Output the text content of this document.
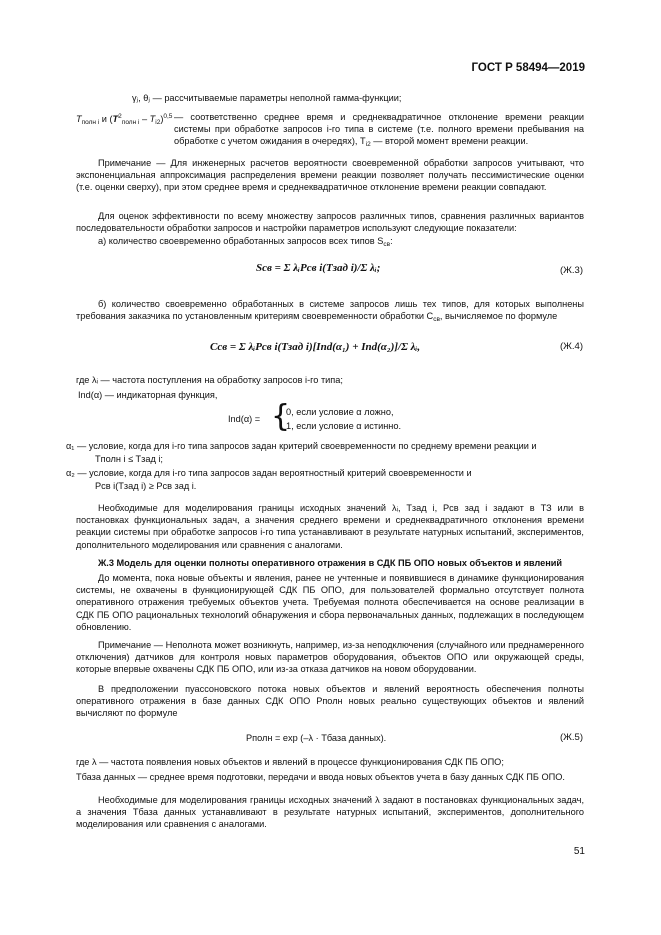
ГОСТ Р 58494—2019
γⱼ, θⱼ — рассчитываемые параметры неполной гамма-функции;
$T_{полн i}$ и $(T^2_{полн i} - T_{i2})^{0,5}$ — соответственно среднее время и среднеквадратичное отклонение времени реакции системы при обработке запросов i-го типа в системе (т.е. полного времени пребывания на обработке с учетом ожидания в очередях), $T_{i2}$ — второй момент времени реакции.
Примечание — Для инженерных расчетов вероятности своевременной обработки запросов учитывают, что экспоненциальная аппроксимация распределения времени реакции позволяет получать пессимистические оценки (т.е. оценки сверху), при этом среднее время и среднеквадратичное отклонение времени реакции совпадают.
Для оценок эффективности по всему множеству запросов различных типов, сравнения различных вариантов последовательности обработки запросов и настройки параметров используют следующие показатели:
а) количество своевременно обработанных запросов всех типов $S_{св}$:
Sсв = Σ λᵢPсв i(Tзад i)/Σ λᵢ;	(Ж.3)
б) количество своевременно обработанных в системе запросов лишь тех типов, для которых выполнены требования заказчика по установленным критериям своевременности обработки $C_{св}$, вычисляемое по формуле
Cсв = Σ λᵢPсв i(Tзад i)[Ind(α₁) + Ind(α₂)]/Σ λᵢ,	(Ж.4)
где λᵢ — частота поступления на обработку запросов i-го типа;
Ind(α) — индикаторная функция,
Ind(α) = {
0, если условие α ложно,
1, если условие α истинно.
α₁ — условие, когда для i-го типа запросов задан критерий своевременности по среднему времени реакции и
Tполн i ≤ Tзад i;
α₂ — условие, когда для i-го типа запросов задан вероятностный критерий своевременности и
Pсв i(Tзад i) ≥ Pсв зад i.
Необходимые для моделирования границы исходных значений λᵢ, Tзад i, Pсв зад i задают в ТЗ или в постановках функциональных задач, а значения среднего времени и среднеквадратичного отклонения времени реакции системы при обработке запросов i-го типа устанавливают в результате натурных испытаний, экспериментов, дополнительного моделирования или сравнения с аналогами.
Ж.3 Модель для оценки полноты оперативного отражения в СДК ПБ ОПО новых объектов и явлений
До момента, пока новые объекты и явления, ранее не учтенные и появившиеся в динамике функционирования системы, не охвачены в функционирующей СДК ПБ ОПО, для пользователей формально отсутствует полнота оперативного отражения требуемых объектов учета. Требуемая полнота обеспечивается на основе реализации в СДК ПБ ОПО рациональных технологий обнаружения и сбора первоначальных данных, подлежащих в последующем обновлению.
Примечание — Неполнота может возникнуть, например, из-за неподключения (случайного или преднамеренного отключения) датчиков для контроля новых параметров оборудования, объектов ОПО или окружающей среды, которые впервые охвачены СДК ПБ ОПО, или из-за отказа датчиков на новом оборудовании.
В предположении пуассоновского потока новых объектов и явлений вероятность обеспечения полноты оперативного отражения в базе данных СДК ОПО Pполн новых реально существующих объектов и явлений вычисляют по формуле
Pполн = exp (–λ · Tбаза данных).	(Ж.5)
где λ — частота появления новых объектов и явлений в процессе функционирования СДК ПБ ОПО;
Tбаза данных — среднее время подготовки, передачи и ввода новых объектов учета в базу данных СДК ПБ ОПО.
Необходимые для моделирования границы исходных значений λ задают в постановках функциональных задач, а значения Tбаза данных устанавливают в результате натурных испытаний, экспериментов, дополнительного моделирования или сравнения с аналогами.
51
